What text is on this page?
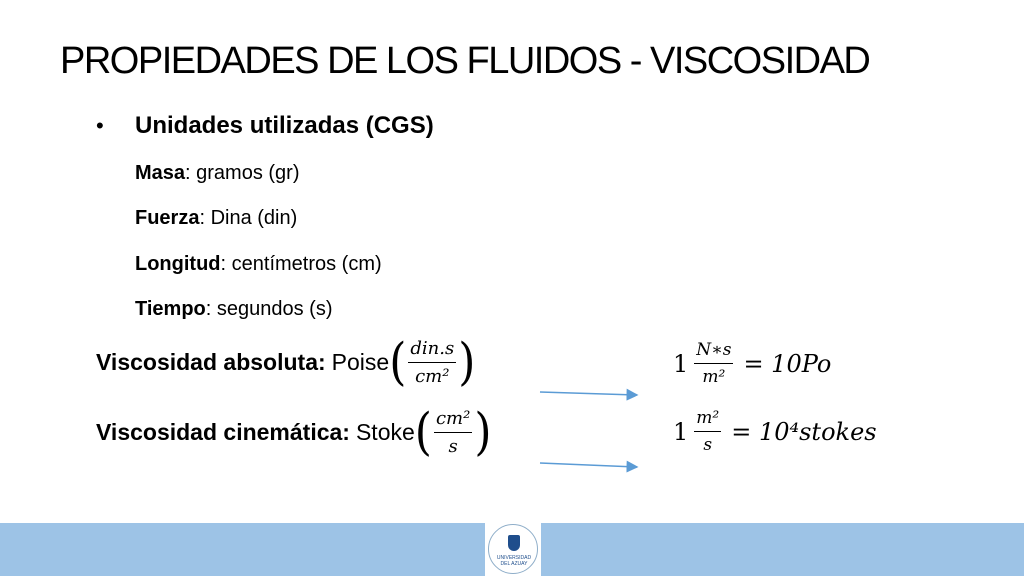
PROPIEDADES DE LOS FLUIDOS - VISCOSIDAD
• Unidades utilizadas (CGS)
Masa: gramos (gr)
Fuerza: Dina (din)
Longitud: centímetros (cm)
Tiempo: segundos (s)
Viscosidad absoluta: Poise ( $\frac{\text{din.s}}{\text{cm²}}$ )	$1 \frac{N∗s}{\text{m²}} = 10Po$
Viscosidad cinemática: Stoke ( $\frac{\text{cm²}}{s}$ )	$1 \frac{\text{m²}}{s}$ = 10⁴stokes
UNIVERSIDAD DEL AZUAY
